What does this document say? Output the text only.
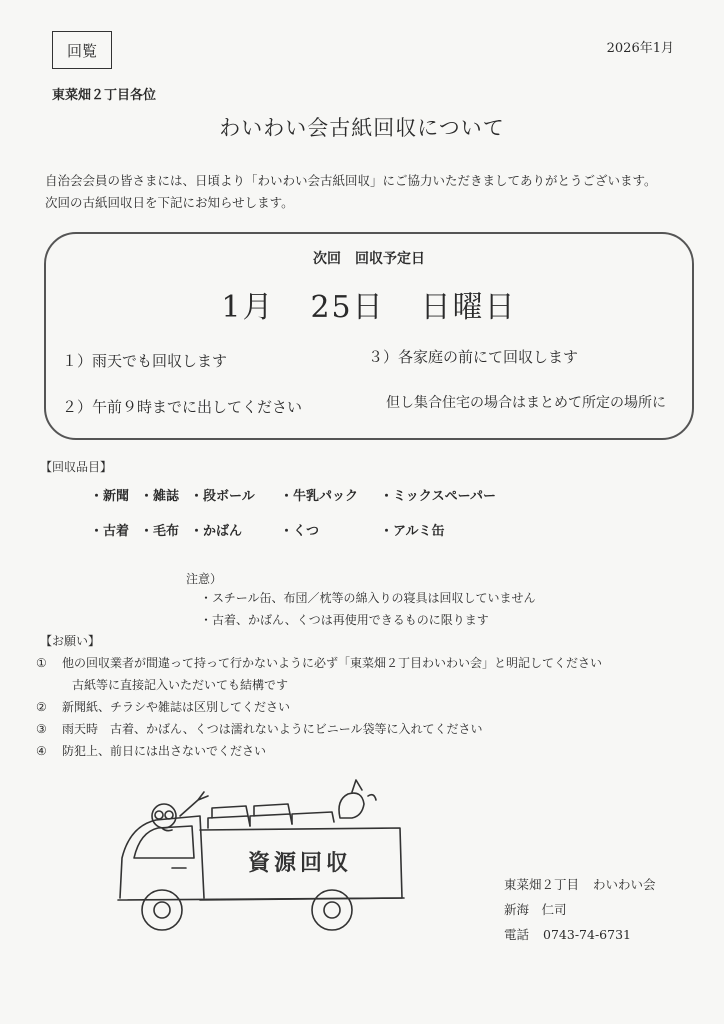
回覧	2026年1月
東菜畑２丁目各位
わいわい会古紙回収について
自治会会員の皆さまには、日頃より「わいわい会古紙回収」にご協力いただきましてありがとうございます。
次回の古紙回収日を下記にお知らせします。
次回　回収予定日
1月 25日 日曜日
１）雨天でも回収します
２）午前９時までに出してください
３）各家庭の前にて回収します
但し集合住宅の場合はまとめて所定の場所に
【回収品目】
・新聞 ・雑誌 ・段ボール ・牛乳パック ・ミックスペーパー
・古着 ・毛布 ・かばん	・くつ	・アルミ缶
注意）
・スチール缶、布団／枕等の綿入りの寝具は回収していません
・古着、かばん、くつは再使用できるものに限ります
【お願い】
①	他の回収業者が間違って持って行かないように必ず「東菜畑２丁目わいわい会」と明記してください
古紙等に直接記入いただいても結構です
②	新聞紙、チラシや雑誌は区別してください
③	雨天時　古着、かばん、くつは濡れないようにビニール袋等に入れてください
④	防犯上、前日には出さないでください
資源回収
東菜畑２丁目 わいわい会
新海　仁司
電話 0743-74-6731
